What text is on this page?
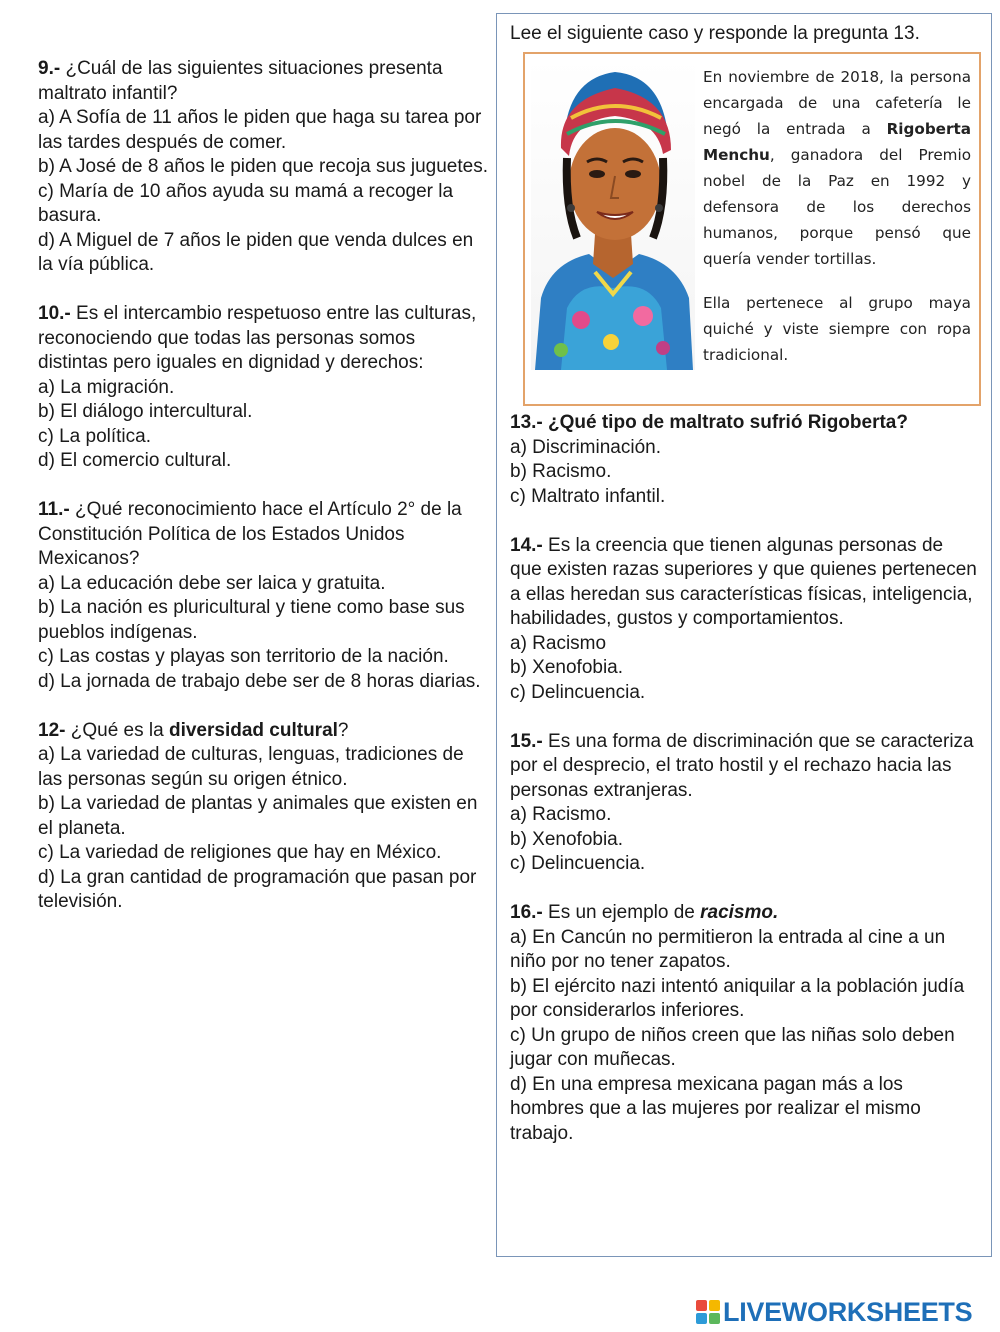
9.- ¿Cuál de las siguientes situaciones presenta maltrato infantil?

a) A Sofía de 11 años le piden que haga su tarea por las tardes después de comer.

b) A José de 8 años le piden que recoja sus juguetes.

c) María de 10 años ayuda su mamá a recoger la basura.

d) A Miguel de 7 años le piden que venda dulces en la vía pública.

10.- Es el intercambio respetuoso entre las culturas, reconociendo que todas las personas somos distintas pero iguales en dignidad y derechos:

a) La migración.

b) El diálogo intercultural.

c) La política.

d) El comercio cultural.

11.- ¿Qué reconocimiento hace el Artículo 2° de la Constitución Política de los Estados Unidos Mexicanos?

a) La educación debe ser laica y gratuita.

b) La nación es pluricultural y tiene como base sus pueblos indígenas.

c) Las costas y playas son territorio de la nación.

d) La jornada de trabajo debe ser de 8 horas diarias.

12- ¿Qué es la diversidad cultural?

a) La variedad de culturas, lenguas, tradiciones de las personas según su origen étnico.

b) La variedad de plantas y animales que existen en el planeta.

c) La variedad de religiones que hay en México.

d) La gran cantidad de programación que pasan por televisión.

Lee el siguiente caso y responde la pregunta 13.

En noviembre de 2018, la persona encargada de una cafetería le negó la entrada a Rigoberta Menchu, ganadora del Premio nobel de la Paz en 1992 y defensora de los derechos humanos, porque pensó que quería vender tortillas.

Ella pertenece al grupo maya quiché y viste siempre con ropa tradicional.

13.- ¿Qué tipo de maltrato sufrió Rigoberta?

a) Discriminación.

b) Racismo.

c) Maltrato infantil.

14.- Es la creencia que tienen algunas personas de que existen razas superiores y que quienes pertenecen a ellas heredan sus características físicas, inteligencia, habilidades, gustos y comportamientos.

a) Racismo

b) Xenofobia.

c) Delincuencia.

15.- Es una forma de discriminación que se caracteriza por el desprecio, el trato hostil y el rechazo hacia las personas extranjeras.

a) Racismo.

b) Xenofobia.

c) Delincuencia.

16.- Es un ejemplo de racismo.

a) En Cancún no permitieron la entrada al cine a un niño por no tener zapatos.

b) El ejército nazi intentó aniquilar a la población judía por considerarlos inferiores.

c) Un grupo de niños creen que las niñas solo deben jugar con muñecas.

d) En una empresa mexicana pagan más a los hombres que a las mujeres por realizar el mismo trabajo.

LIVEWORKSHEETS
